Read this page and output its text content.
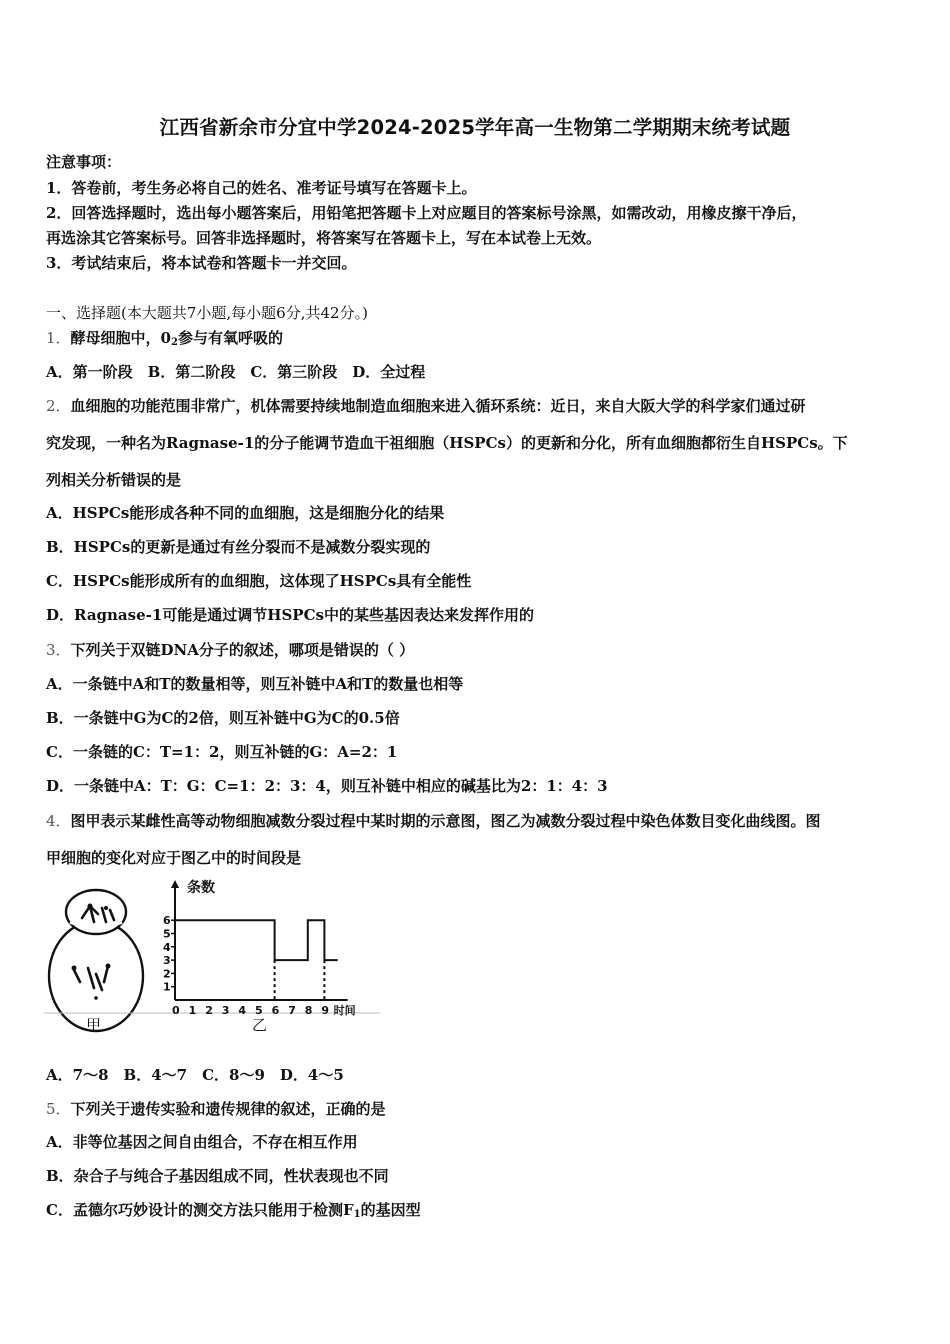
江西省新余市分宜中学2024-2025学年高一生物第二学期期末统考试题
注意事项：
1．答卷前，考生务必将自己的姓名、准考证号填写在答题卡上。
2．回答选择题时，选出每小题答案后，用铅笔把答题卡上对应题目的答案标号涂黑，如需改动，用橡皮擦干净后，
再选涂其它答案标号。回答非选择题时，将答案写在答题卡上，写在本试卷上无效。
3．考试结束后，将本试卷和答题卡一并交回。
一、选择题(本大题共7小题,每小题6分,共42分。)
1．酵母细胞中，$0_2$参与有氧呼吸的
A．第一阶段　B．第二阶段　C．第三阶段　D．全过程
2．血细胞的功能范围非常广，机体需要持续地制造血细胞来进入循环系统：近日，来自大阪大学的科学家们通过研
究发现，一种名为Ragnase-1的分子能调节造血干祖细胞（HSPCs）的更新和分化，所有血细胞都衍生自HSPCs。下
列相关分析错误的是
A．HSPCs能形成各种不同的血细胞，这是细胞分化的结果
B．HSPCs的更新是通过有丝分裂而不是减数分裂实现的
C．HSPCs能形成所有的血细胞，这体现了HSPCs具有全能性
D．Ragnase-1可能是通过调节HSPCs中的某些基因表达来发挥作用的
3．下列关于双链DNA分子的叙述，哪项是错误的（ ）
A．一条链中A和T的数量相等，则互补链中A和T的数量也相等
B．一条链中G为C的2倍，则互补链中G为C的0.5倍
C．一条链的C：T=1：2，则互补链的G：A=2：1
D．一条链中A：T：G：C=1：2：3：4，则互补链中相应的碱基比为2：1：4：3
4．图甲表示某雌性高等动物细胞减数分裂过程中某时期的示意图，图乙为减数分裂过程中染色体数目变化曲线图。图
甲细胞的变化对应于图乙中的时间段是
1
2
3
4
5
6
0 1 2 3 4 5 6 7 8 9
条数
时间
甲	乙
A．7～8　B．4～7　C．8～9　D．4～5
5．下列关于遗传实验和遗传规律的叙述，正确的是
A．非等位基因之间自由组合，不存在相互作用
B．杂合子与纯合子基因组成不同，性状表现也不同
C．孟德尔巧妙设计的测交方法只能用于检测$F_1$的基因型
